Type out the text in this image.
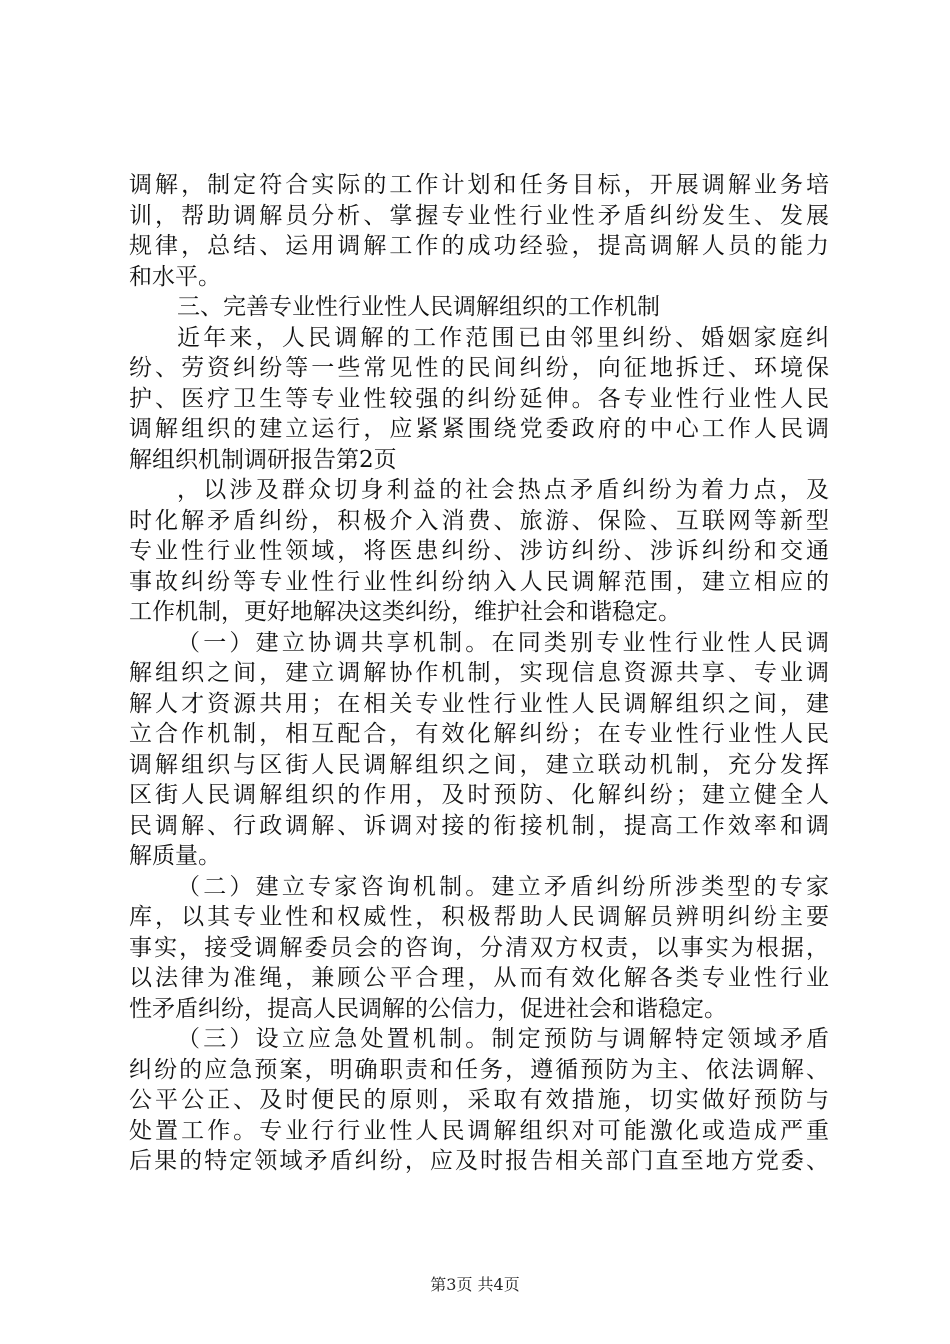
调解，制定符合实际的工作计划和任务目标，开展调解业务培
训，帮助调解员分析、掌握专业性行业性矛盾纠纷发生、发展
规律，总结、运用调解工作的成功经验，提高调解人员的能力
和水平。
三、完善专业性行业性人民调解组织的工作机制
近年来，人民调解的工作范围已由邻里纠纷、婚姻家庭纠
纷、劳资纠纷等一些常见性的民间纠纷，向征地拆迁、环境保
护、医疗卫生等专业性较强的纠纷延伸。各专业性行业性人民
调解组织的建立运行，应紧紧围绕党委政府的中心工作人民调
解组织机制调研报告第2页
，以涉及群众切身利益的社会热点矛盾纠纷为着力点，及
时化解矛盾纠纷，积极介入消费、旅游、保险、互联网等新型
专业性行业性领域，将医患纠纷、涉访纠纷、涉诉纠纷和交通
事故纠纷等专业性行业性纠纷纳入人民调解范围，建立相应的
工作机制，更好地解决这类纠纷，维护社会和谐稳定。
（一）建立协调共享机制。在同类别专业性行业性人民调
解组织之间，建立调解协作机制，实现信息资源共享、专业调
解人才资源共用；在相关专业性行业性人民调解组织之间，建
立合作机制，相互配合，有效化解纠纷；在专业性行业性人民
调解组织与区街人民调解组织之间，建立联动机制，充分发挥
区街人民调解组织的作用，及时预防、化解纠纷；建立健全人
民调解、行政调解、诉调对接的衔接机制，提高工作效率和调
解质量。
（二）建立专家咨询机制。建立矛盾纠纷所涉类型的专家
库，以其专业性和权威性，积极帮助人民调解员辨明纠纷主要
事实，接受调解委员会的咨询，分清双方权责，以事实为根据，
以法律为准绳，兼顾公平合理，从而有效化解各类专业性行业
性矛盾纠纷，提高人民调解的公信力，促进社会和谐稳定。
（三）设立应急处置机制。制定预防与调解特定领域矛盾
纠纷的应急预案，明确职责和任务，遵循预防为主、依法调解、
公平公正、及时便民的原则，采取有效措施，切实做好预防与
处置工作。专业行行业性人民调解组织对可能激化或造成严重
后果的特定领域矛盾纠纷，应及时报告相关部门直至地方党委、
第3页 共4页
